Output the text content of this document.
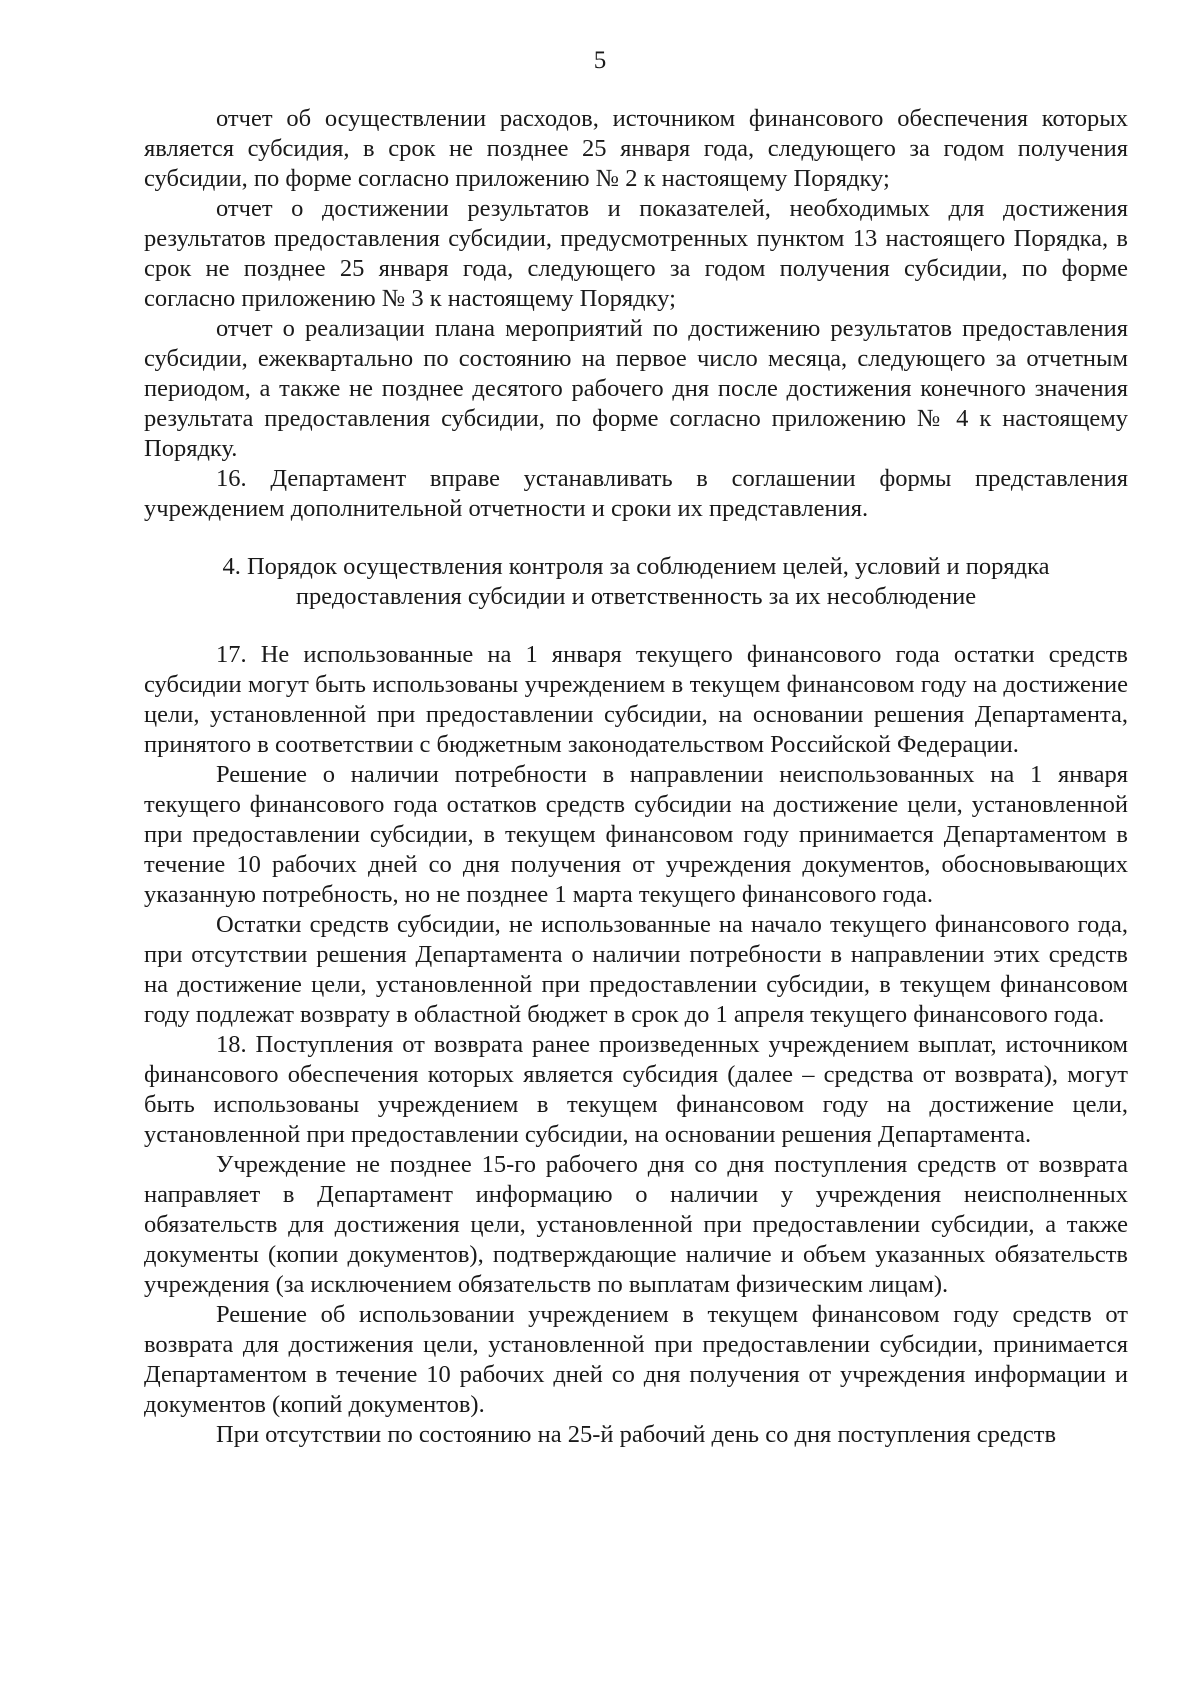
5

отчет об осуществлении расходов, источником финансового обеспечения которых является субсидия, в срок не позднее 25 января года, следующего за годом получения субсидии, по форме согласно приложению № 2 к настоящему Порядку;

отчет о достижении результатов и показателей, необходимых для достижения результатов предоставления субсидии, предусмотренных пунктом 13 настоящего Порядка, в срок не позднее 25 января года, следующего за годом получения субсидии, по форме согласно приложению № 3 к настоящему Порядку;

отчет о реализации плана мероприятий по достижению результатов предоставления субсидии, ежеквартально по состоянию на первое число месяца, следующего за отчетным периодом, а также не позднее десятого рабочего дня после достижения конечного значения результата предоставления субсидии, по форме согласно приложению № 4 к настоящему Порядку.

16. Департамент вправе устанавливать в соглашении формы представления учреждением дополнительной отчетности и сроки их представления.

4. Порядок осуществления контроля за соблюдением целей, условий и порядка предоставления субсидии и ответственность за их несоблюдение

17. Не использованные на 1 января текущего финансового года остатки средств субсидии могут быть использованы учреждением в текущем финансовом году на достижение цели, установленной при предоставлении субсидии, на основании решения Департамента, принятого в соответствии с бюджетным законодательством Российской Федерации.

Решение о наличии потребности в направлении неиспользованных на 1 января текущего финансового года остатков средств субсидии на достижение цели, установленной при предоставлении субсидии, в текущем финансовом году принимается Департаментом в течение 10 рабочих дней со дня получения от учреждения документов, обосновывающих указанную потребность, но не позднее 1 марта текущего финансового года.

Остатки средств субсидии, не использованные на начало текущего финансового года, при отсутствии решения Департамента о наличии потребности в направлении этих средств на достижение цели, установленной при предоставлении субсидии, в текущем финансовом году подлежат возврату в областной бюджет в срок до 1 апреля текущего финансового года.

18. Поступления от возврата ранее произведенных учреждением выплат, источником финансового обеспечения которых является субсидия (далее – средства от возврата), могут быть использованы учреждением в текущем финансовом году на достижение цели, установленной при предоставлении субсидии, на основании решения Департамента.

Учреждение не позднее 15-го рабочего дня со дня поступления средств от возврата направляет в Департамент информацию о наличии у учреждения неисполненных обязательств для достижения цели, установленной при предоставлении субсидии, а также документы (копии документов), подтверждающие наличие и объем указанных обязательств учреждения (за исключением обязательств по выплатам физическим лицам).

Решение об использовании учреждением в текущем финансовом году средств от возврата для достижения цели, установленной при предоставлении субсидии, принимается Департаментом в течение 10 рабочих дней со дня получения от учреждения информации и документов (копий документов).

При отсутствии по состоянию на 25-й рабочий день со дня поступления средств
